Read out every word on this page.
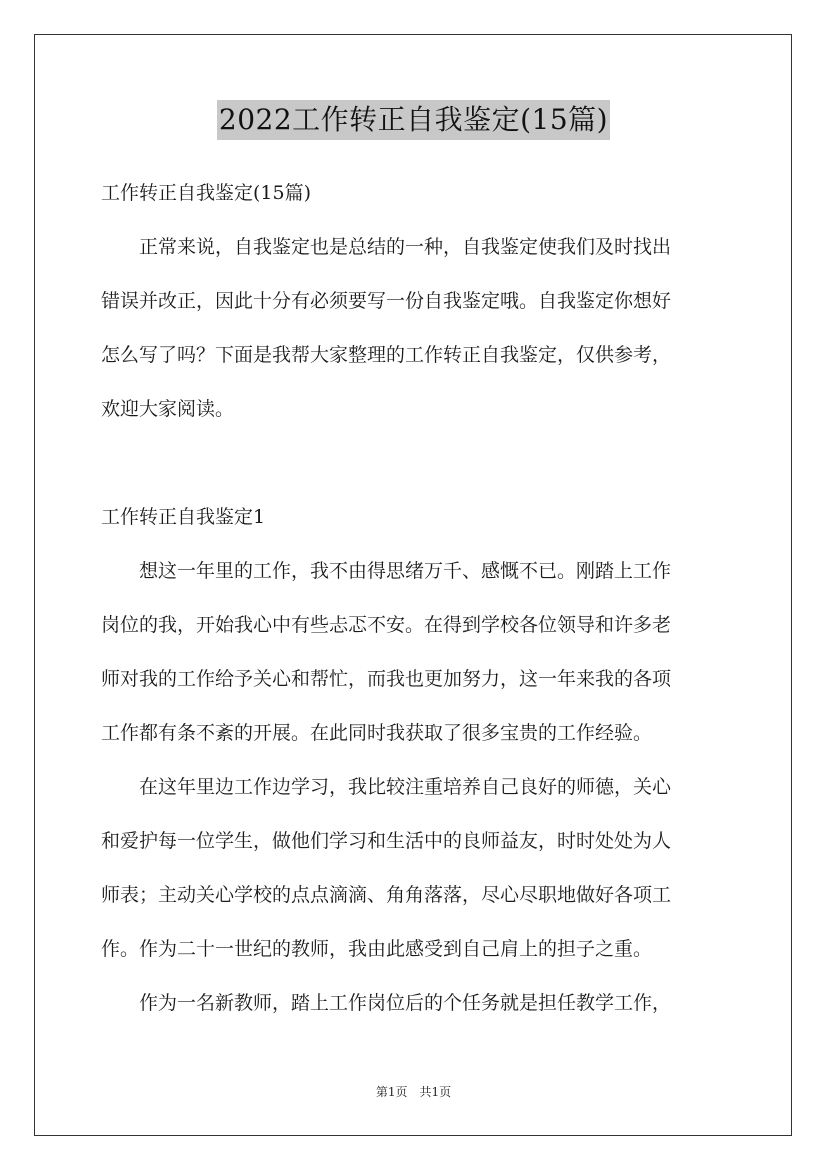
2022工作转正自我鉴定(15篇)
工作转正自我鉴定(15篇)
　　正常来说，自我鉴定也是总结的一种，自我鉴定使我们及时找出
错误并改正，因此十分有必须要写一份自我鉴定哦。自我鉴定你想好
怎么写了吗？下面是我帮大家整理的工作转正自我鉴定，仅供参考，
欢迎大家阅读。
工作转正自我鉴定1
　　想这一年里的工作，我不由得思绪万千、感慨不已。刚踏上工作
岗位的我，开始我心中有些忐忑不安。在得到学校各位领导和许多老
师对我的工作给予关心和帮忙，而我也更加努力，这一年来我的各项
工作都有条不紊的开展。在此同时我获取了很多宝贵的工作经验。
　　在这年里边工作边学习，我比较注重培养自己良好的师德，关心
和爱护每一位学生，做他们学习和生活中的良师益友，时时处处为人
师表；主动关心学校的点点滴滴、角角落落，尽心尽职地做好各项工
作。作为二十一世纪的教师，我由此感受到自己肩上的担子之重。
　　作为一名新教师，踏上工作岗位后的个任务就是担任教学工作，
第1页　共1页
